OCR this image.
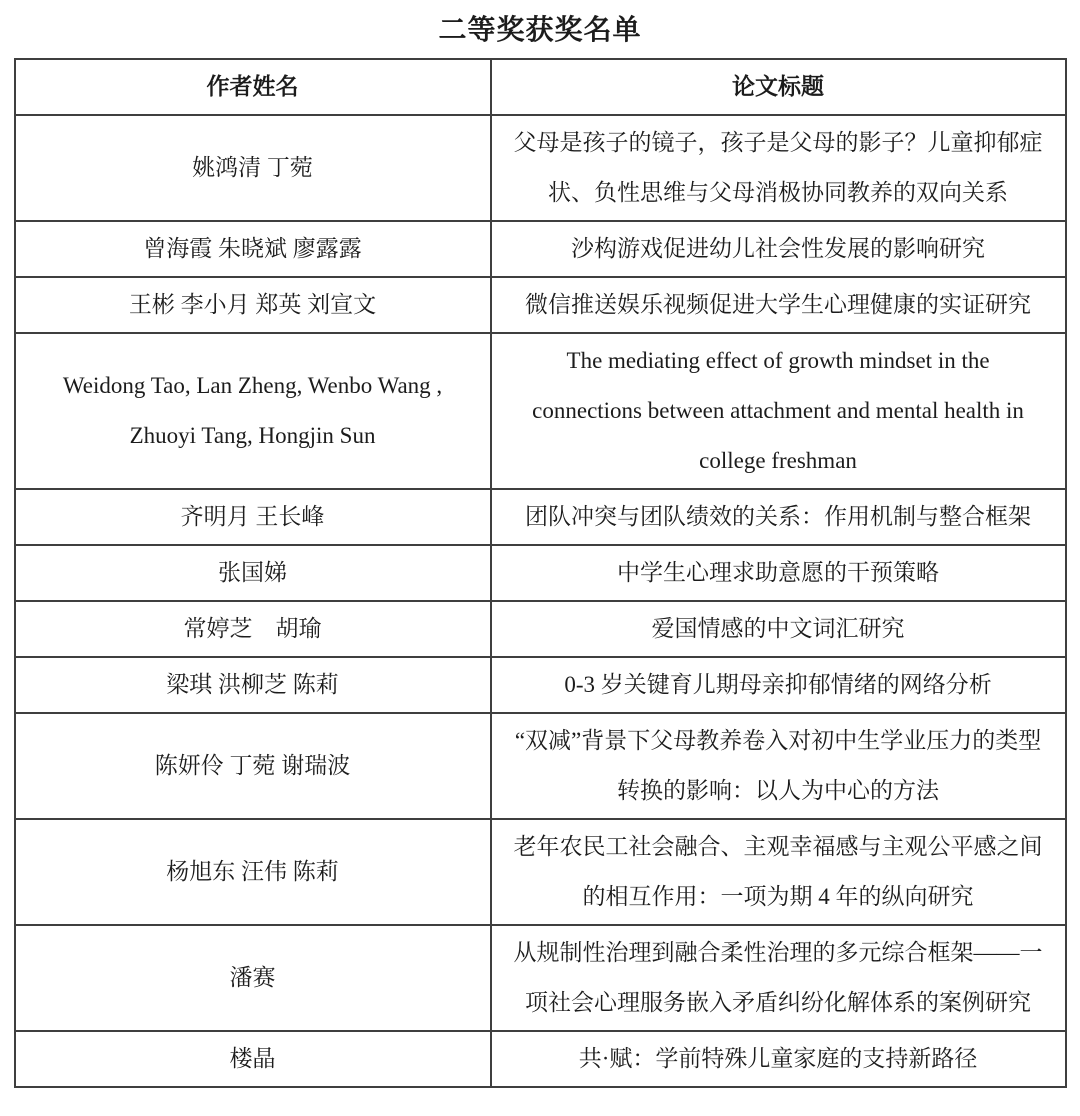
二等奖获奖名单
作者姓名	论文标题
姚鸿清 丁菀	父母是孩子的镜子，孩子是父母的影子？儿童抑郁症状、负性思维与父母消极协同教养的双向关系
曾海霞 朱晓斌 廖露露	沙构游戏促进幼儿社会性发展的影响研究
王彬 李小月 郑英 刘宣文	微信推送娱乐视频促进大学生心理健康的实证研究
Weidong Tao, Lan Zheng, Wenbo Wang , Zhuoyi Tang, Hongjin Sun	The mediating effect of growth mindset in the connections between attachment and mental health in college freshman
齐明月 王长峰	团队冲突与团队绩效的关系：作用机制与整合框架
张国娣	中学生心理求助意愿的干预策略
常婷芝　胡瑜	爱国情感的中文词汇研究
梁琪 洪柳芝 陈莉	0-3 岁关键育儿期母亲抑郁情绪的网络分析
陈妍伶 丁菀 谢瑞波	“双减”背景下父母教养卷入对初中生学业压力的类型转换的影响：以人为中心的方法
杨旭东 汪伟 陈莉	老年农民工社会融合、主观幸福感与主观公平感之间的相互作用：一项为期 4 年的纵向研究
潘赛	从规制性治理到融合柔性治理的多元综合框架——一项社会心理服务嵌入矛盾纠纷化解体系的案例研究
楼晶	共·赋：学前特殊儿童家庭的支持新路径
